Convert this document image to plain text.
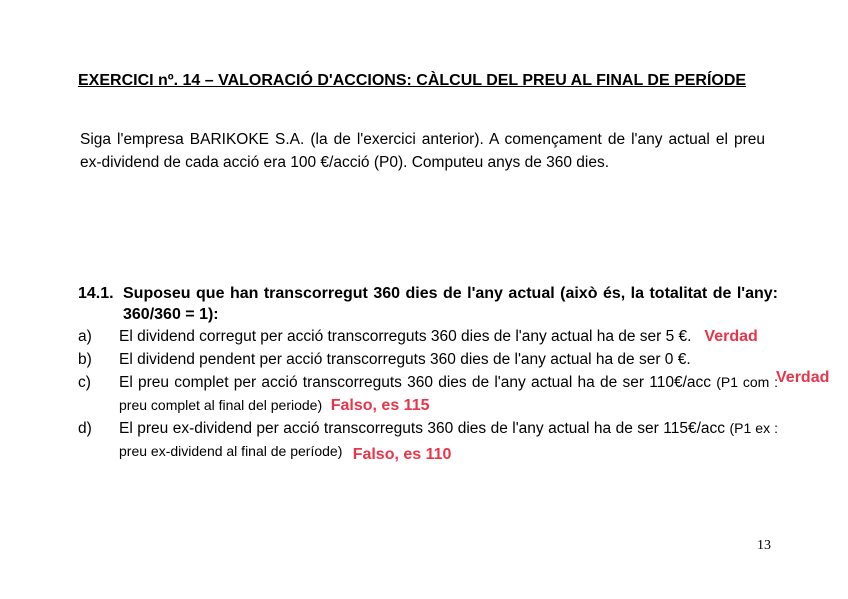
EXERCICI nº. 14 – VALORACIÓ D'ACCIONS: CÀLCUL DEL PREU AL FINAL DE PERÍODE
Siga l'empresa BARIKOKE S.A. (la de l'exercici anterior). A començament de l'any actual el preu ex-dividend de cada acció era 100 €/acció (P0). Computeu anys de 360 dies.
14.1. Suposeu que han transcorregut 360 dies de l'any actual (això és, la totalitat de l'any: 360/360 = 1):
a) El dividend corregut per acció transcorreguts 360 dies de l'any actual ha de ser 5 €. Verdad
b) El dividend pendent per acció transcorreguts 360 dies de l'any actual ha de ser 0 €.
c) El preu complet per acció transcorreguts 360 dies de l'any actual ha de ser 110€/acc (P1 com : preu complet al final del periode) Falso, es 115
d) El preu ex-dividend per acció transcorreguts 360 dies de l'any actual ha de ser 115€/acc (P1 ex : preu ex-dividend al final de període) Falso, es 110
Verdad
13
